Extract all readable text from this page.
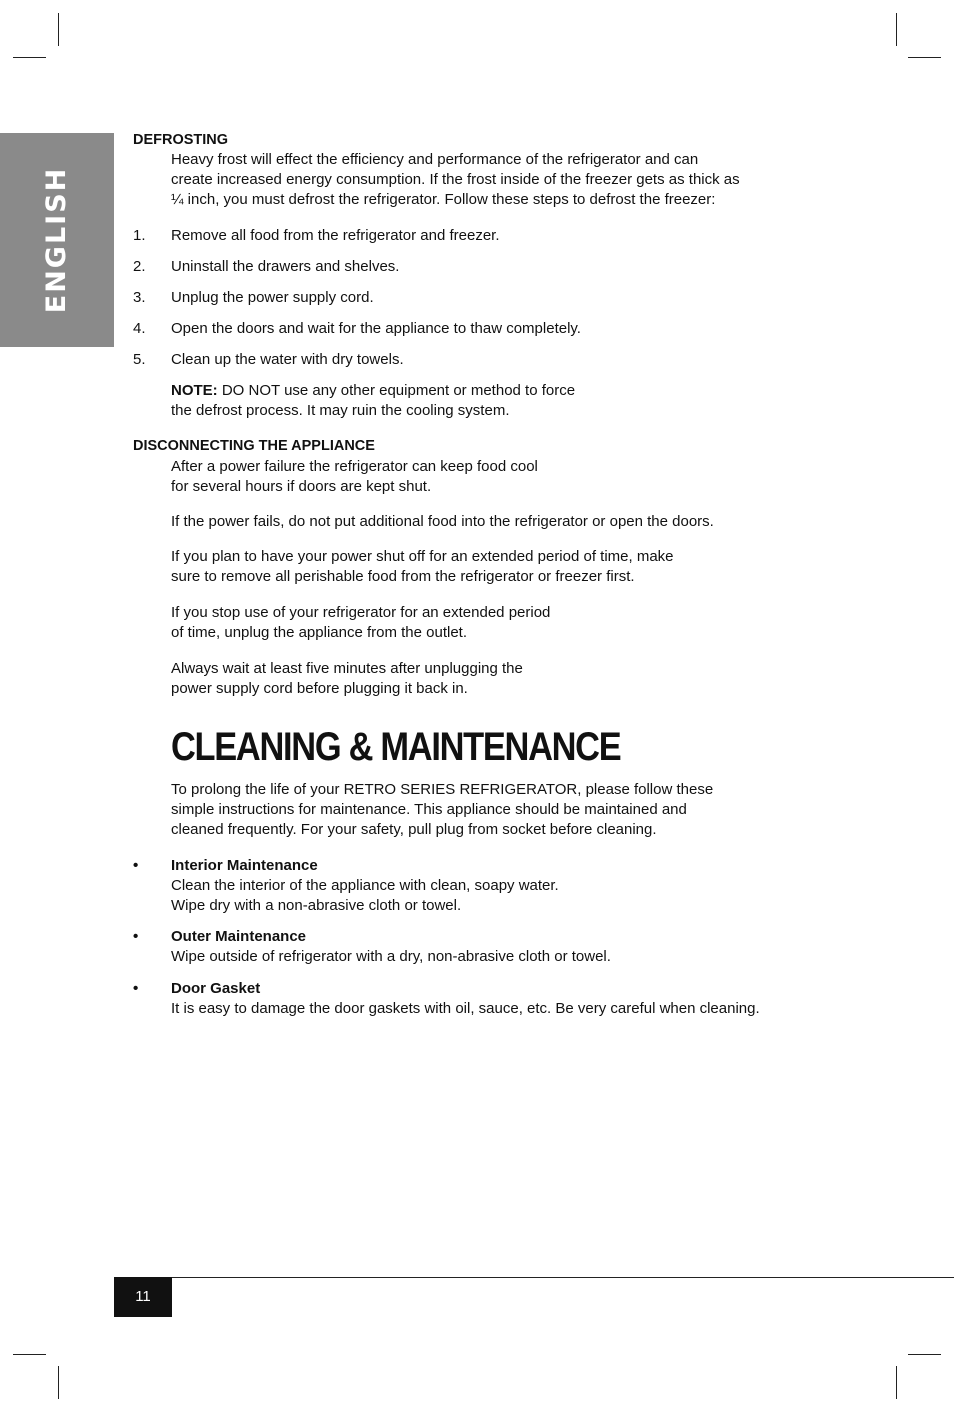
ENGLISH
DEFROSTING
Heavy frost will effect the efficiency and performance of the refrigerator and can
create increased energy consumption. If the frost inside of the freezer gets as thick as
¼ inch, you must defrost the refrigerator. Follow these steps to defrost the freezer:
1. Remove all food from the refrigerator and freezer.
2. Uninstall the drawers and shelves.
3. Unplug the power supply cord.
4. Open the doors and wait for the appliance to thaw completely.
5. Clean up the water with dry towels.
NOTE: DO NOT use any other equipment or method to force
the defrost process. It may ruin the cooling system.
DISCONNECTING THE APPLIANCE
After a power failure the refrigerator can keep food cool
for several hours if doors are kept shut.
If the power fails, do not put additional food into the refrigerator or open the doors.
If you plan to have your power shut off for an extended period of time, make
sure to remove all perishable food from the refrigerator or freezer first.
If you stop use of your refrigerator for an extended period
of time, unplug the appliance from the outlet.
Always wait at least five minutes after unplugging the
power supply cord before plugging it back in.
CLEANING & MAINTENANCE
To prolong the life of your RETRO SERIES REFRIGERATOR, please follow these
simple instructions for maintenance. This appliance should be maintained and
cleaned frequently. For your safety, pull plug from socket before cleaning.
• Interior Maintenance
Clean the interior of the appliance with clean, soapy water.
Wipe dry with a non-abrasive cloth or towel.
• Outer Maintenance
Wipe outside of refrigerator with a dry, non-abrasive cloth or towel.
• Door Gasket
It is easy to damage the door gaskets with oil, sauce, etc. Be very careful when cleaning.
11
